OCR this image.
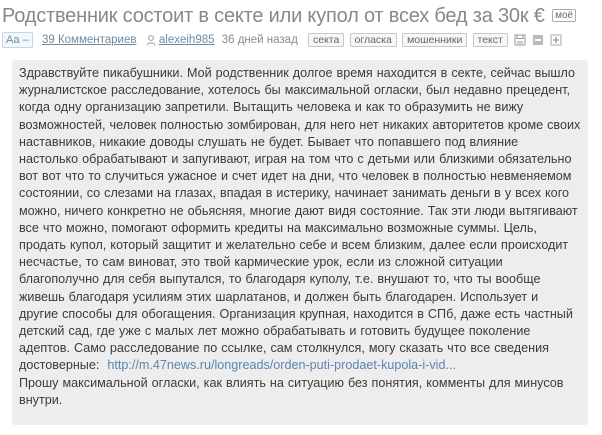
Родственник состоит в секте или купол от всех бед за 30к € $^{моё}$
Аа – 39 Комментариев alexeih985 36 дней назад секта огласка мошенники текст
Здравствуйте пикабушники. Мой родственник долгое время находится в секте, сейчас вышло журналистское расследование, хотелось бы максимальной огласки, был недавно прецедент, когда одну организацию запретили. Вытащить человека и как то образумить не вижу возможностей, человек полностью зомбирован, для него нет никаких авторитетов кроме своих наставников, никакие доводы слушать не будет. Бывает что попавшего под влияние настолько обрабатывают и запугивают, играя на том что с детьми или близкими обязательно вот вот что то случиться ужасное и счет идет на дни, что человек в полностью невменяемом состоянии, со слезами на глазах, впадая в истерику, начинает занимать деньги в у всех кого можно, ничего конкретно не обьясняя, многие дают видя состояние. Так эти люди вытягивают все что можно, помогают оформить кредиты на максимально возможные суммы. Цель, продать купол, который защитит и желательно себе и всем близким, далее если происходит несчастье, то сам виноват, это твой кармические урок, если из сложной ситуации благополучно для себя выпутался, то благодаря куполу, т.е. внушают то, что ты вообще живешь благодаря усилиям этих шарлатанов, и должен быть благодарен. Использует и другие способы для обогащения. Организация крупная, находится в СПб, даже есть частный детский сад, где уже с малых лет можно обрабатывать и готовить будущее поколение адептов. Само расследование по ссылке, сам столкнулся, могу сказать что все сведения достоверные: http://m.47news.ru/longreads/orden-puti-prodaet-kupola-i-vid...
Прошу максимальной огласки, как влиять на ситуацию без понятия, комменты для минусов внутри.
